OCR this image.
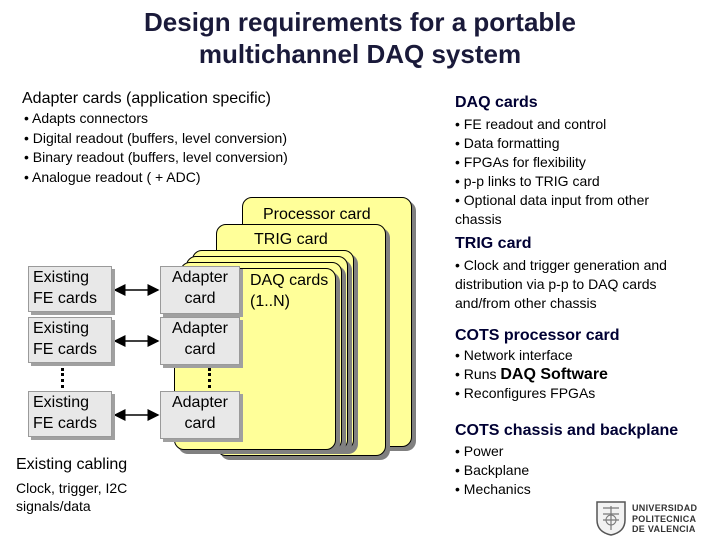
Design requirements for a portable
multichannel DAQ system
Adapter cards (application specific)
• Adapts connectors
• Digital readout (buffers, level conversion)
• Binary readout (buffers, level conversion)
• Analogue readout ( + ADC)
Processor card
TRIG card
DAQ cards
(1..N)
Existing
FE cards
Existing
FE cards
Existing
FE cards
Adapter
card
Adapter
card
Adapter
card
Existing cabling
Clock, trigger, I2C
signals/data
DAQ cards
• FE readout and control
• Data formatting
• FPGAs for flexibility
• p-p links to TRIG card
• Optional data input from other chassis
TRIG card
• Clock and trigger generation and distribution via p-p to DAQ cards and/from other chassis
COTS processor card
• Network interface
• Runs DAQ Software
• Reconfigures FPGAs
COTS chassis and backplane
• Power
• Backplane
• Mechanics
UNIVERSIDAD
POLITECNICA
DE VALENCIA
